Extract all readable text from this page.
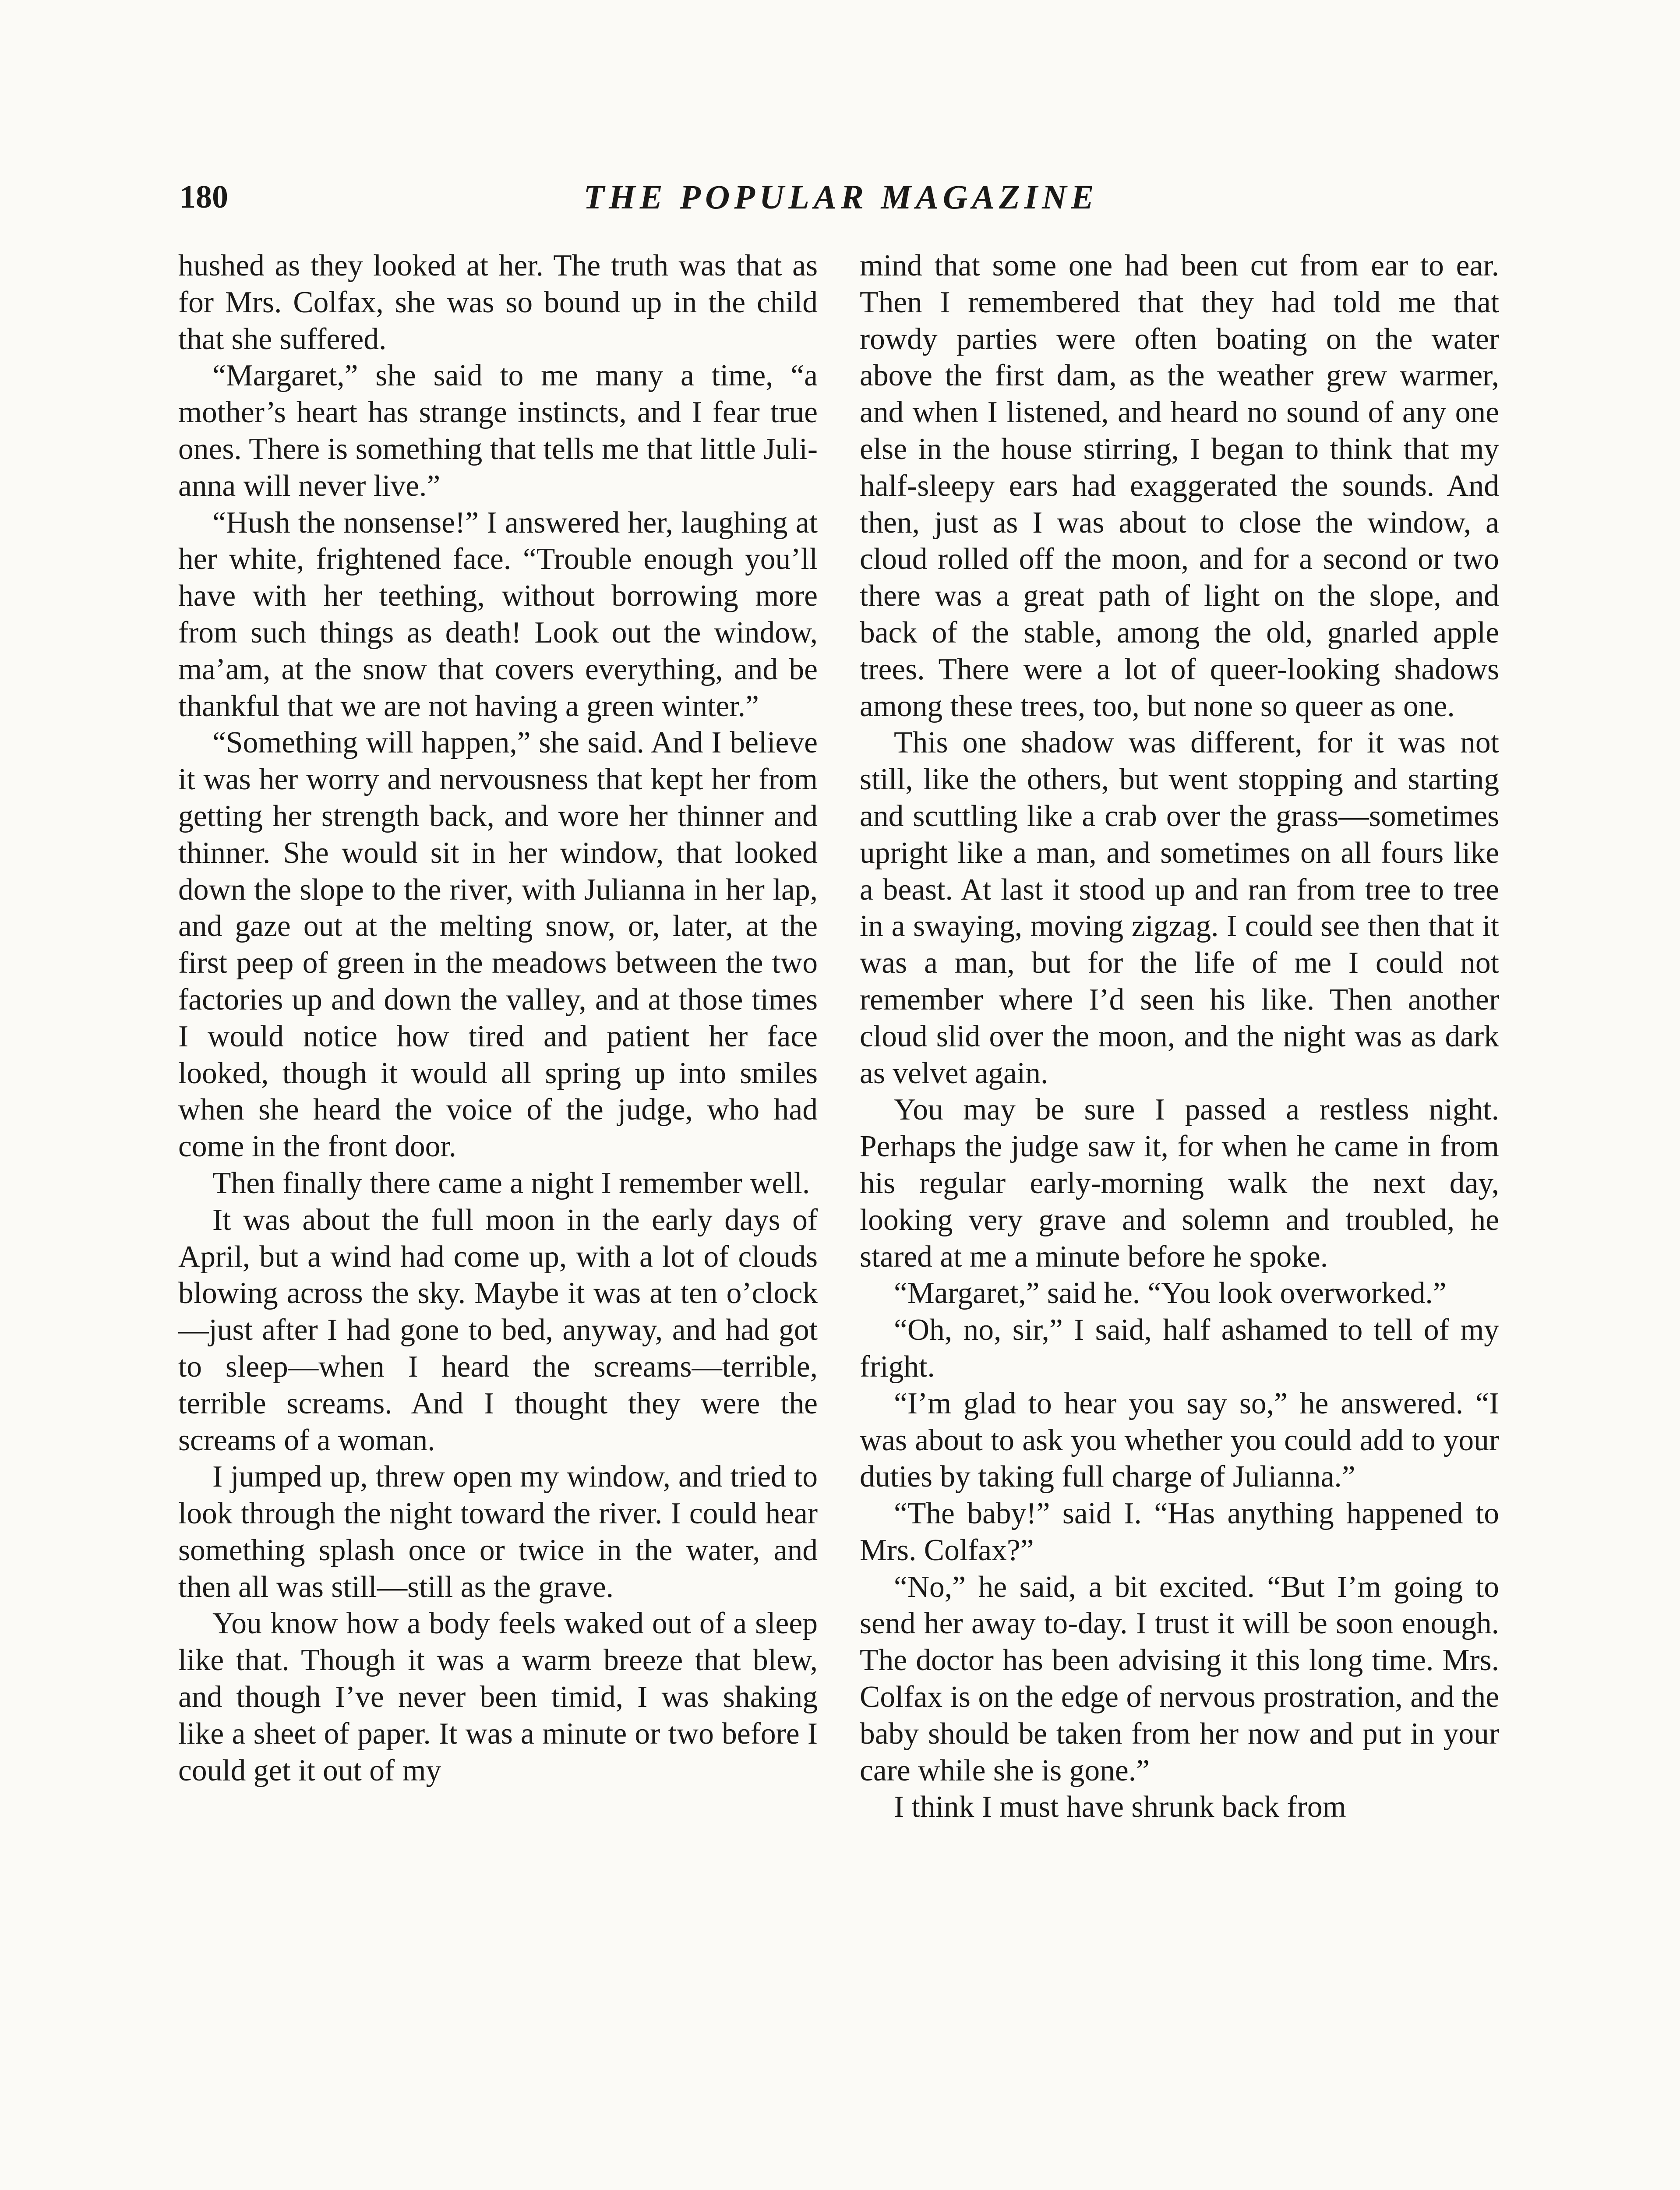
180	THE POPULAR MAGAZINE

hushed as they looked at her. The truth was that as for Mrs. Colfax, she was so bound up in the child that she suffered.

“Margaret,” she said to me many a time, “a mother’s heart has strange instincts, and I fear true ones. There is something that tells me that little Julianna will never live.”

“Hush the nonsense!” I answered her, laughing at her white, frightened face. “Trouble enough you’ll have with her teething, without borrowing more from such things as death! Look out the window, ma’am, at the snow that covers everything, and be thankful that we are not having a green winter.”

“Something will happen,” she said. And I believe it was her worry and nervousness that kept her from getting her strength back, and wore her thinner and thinner. She would sit in her window, that looked down the slope to the river, with Julianna in her lap, and gaze out at the melting snow, or, later, at the first peep of green in the meadows between the two factories up and down the valley, and at those times I would notice how tired and patient her face looked, though it would all spring up into smiles when she heard the voice of the judge, who had come in the front door.

Then finally there came a night I remember well.

It was about the full moon in the early days of April, but a wind had come up, with a lot of clouds blowing across the sky. Maybe it was at ten o’clock—just after I had gone to bed, anyway, and had got to sleep—when I heard the screams—terrible, terrible screams. And I thought they were the screams of a woman.

I jumped up, threw open my window, and tried to look through the night toward the river. I could hear something splash once or twice in the water, and then all was still—still as the grave.

You know how a body feels waked out of a sleep like that. Though it was a warm breeze that blew, and though I’ve never been timid, I was shaking like a sheet of paper. It was a minute or two before I could get it out of my

mind that some one had been cut from ear to ear. Then I remembered that they had told me that rowdy parties were often boating on the water above the first dam, as the weather grew warmer, and when I listened, and heard no sound of any one else in the house stirring, I began to think that my half-sleepy ears had exaggerated the sounds. And then, just as I was about to close the window, a cloud rolled off the moon, and for a second or two there was a great path of light on the slope, and back of the stable, among the old, gnarled apple trees. There were a lot of queer-looking shadows among these trees, too, but none so queer as one.

This one shadow was different, for it was not still, like the others, but went stopping and starting and scuttling like a crab over the grass—sometimes upright like a man, and sometimes on all fours like a beast. At last it stood up and ran from tree to tree in a swaying, moving zigzag. I could see then that it was a man, but for the life of me I could not remember where I’d seen his like. Then another cloud slid over the moon, and the night was as dark as velvet again.

You may be sure I passed a restless night. Perhaps the judge saw it, for when he came in from his regular early-morning walk the next day, looking very grave and solemn and troubled, he stared at me a minute before he spoke.

“Margaret,” said he. “You look overworked.”

“Oh, no, sir,” I said, half ashamed to tell of my fright.

“I’m glad to hear you say so,” he answered. “I was about to ask you whether you could add to your duties by taking full charge of Julianna.”

“The baby!” said I. “Has anything happened to Mrs. Colfax?”

“No,” he said, a bit excited. “But I’m going to send her away to-day. I trust it will be soon enough. The doctor has been advising it this long time. Mrs. Colfax is on the edge of nervous prostration, and the baby should be taken from her now and put in your care while she is gone.”

I think I must have shrunk back from
